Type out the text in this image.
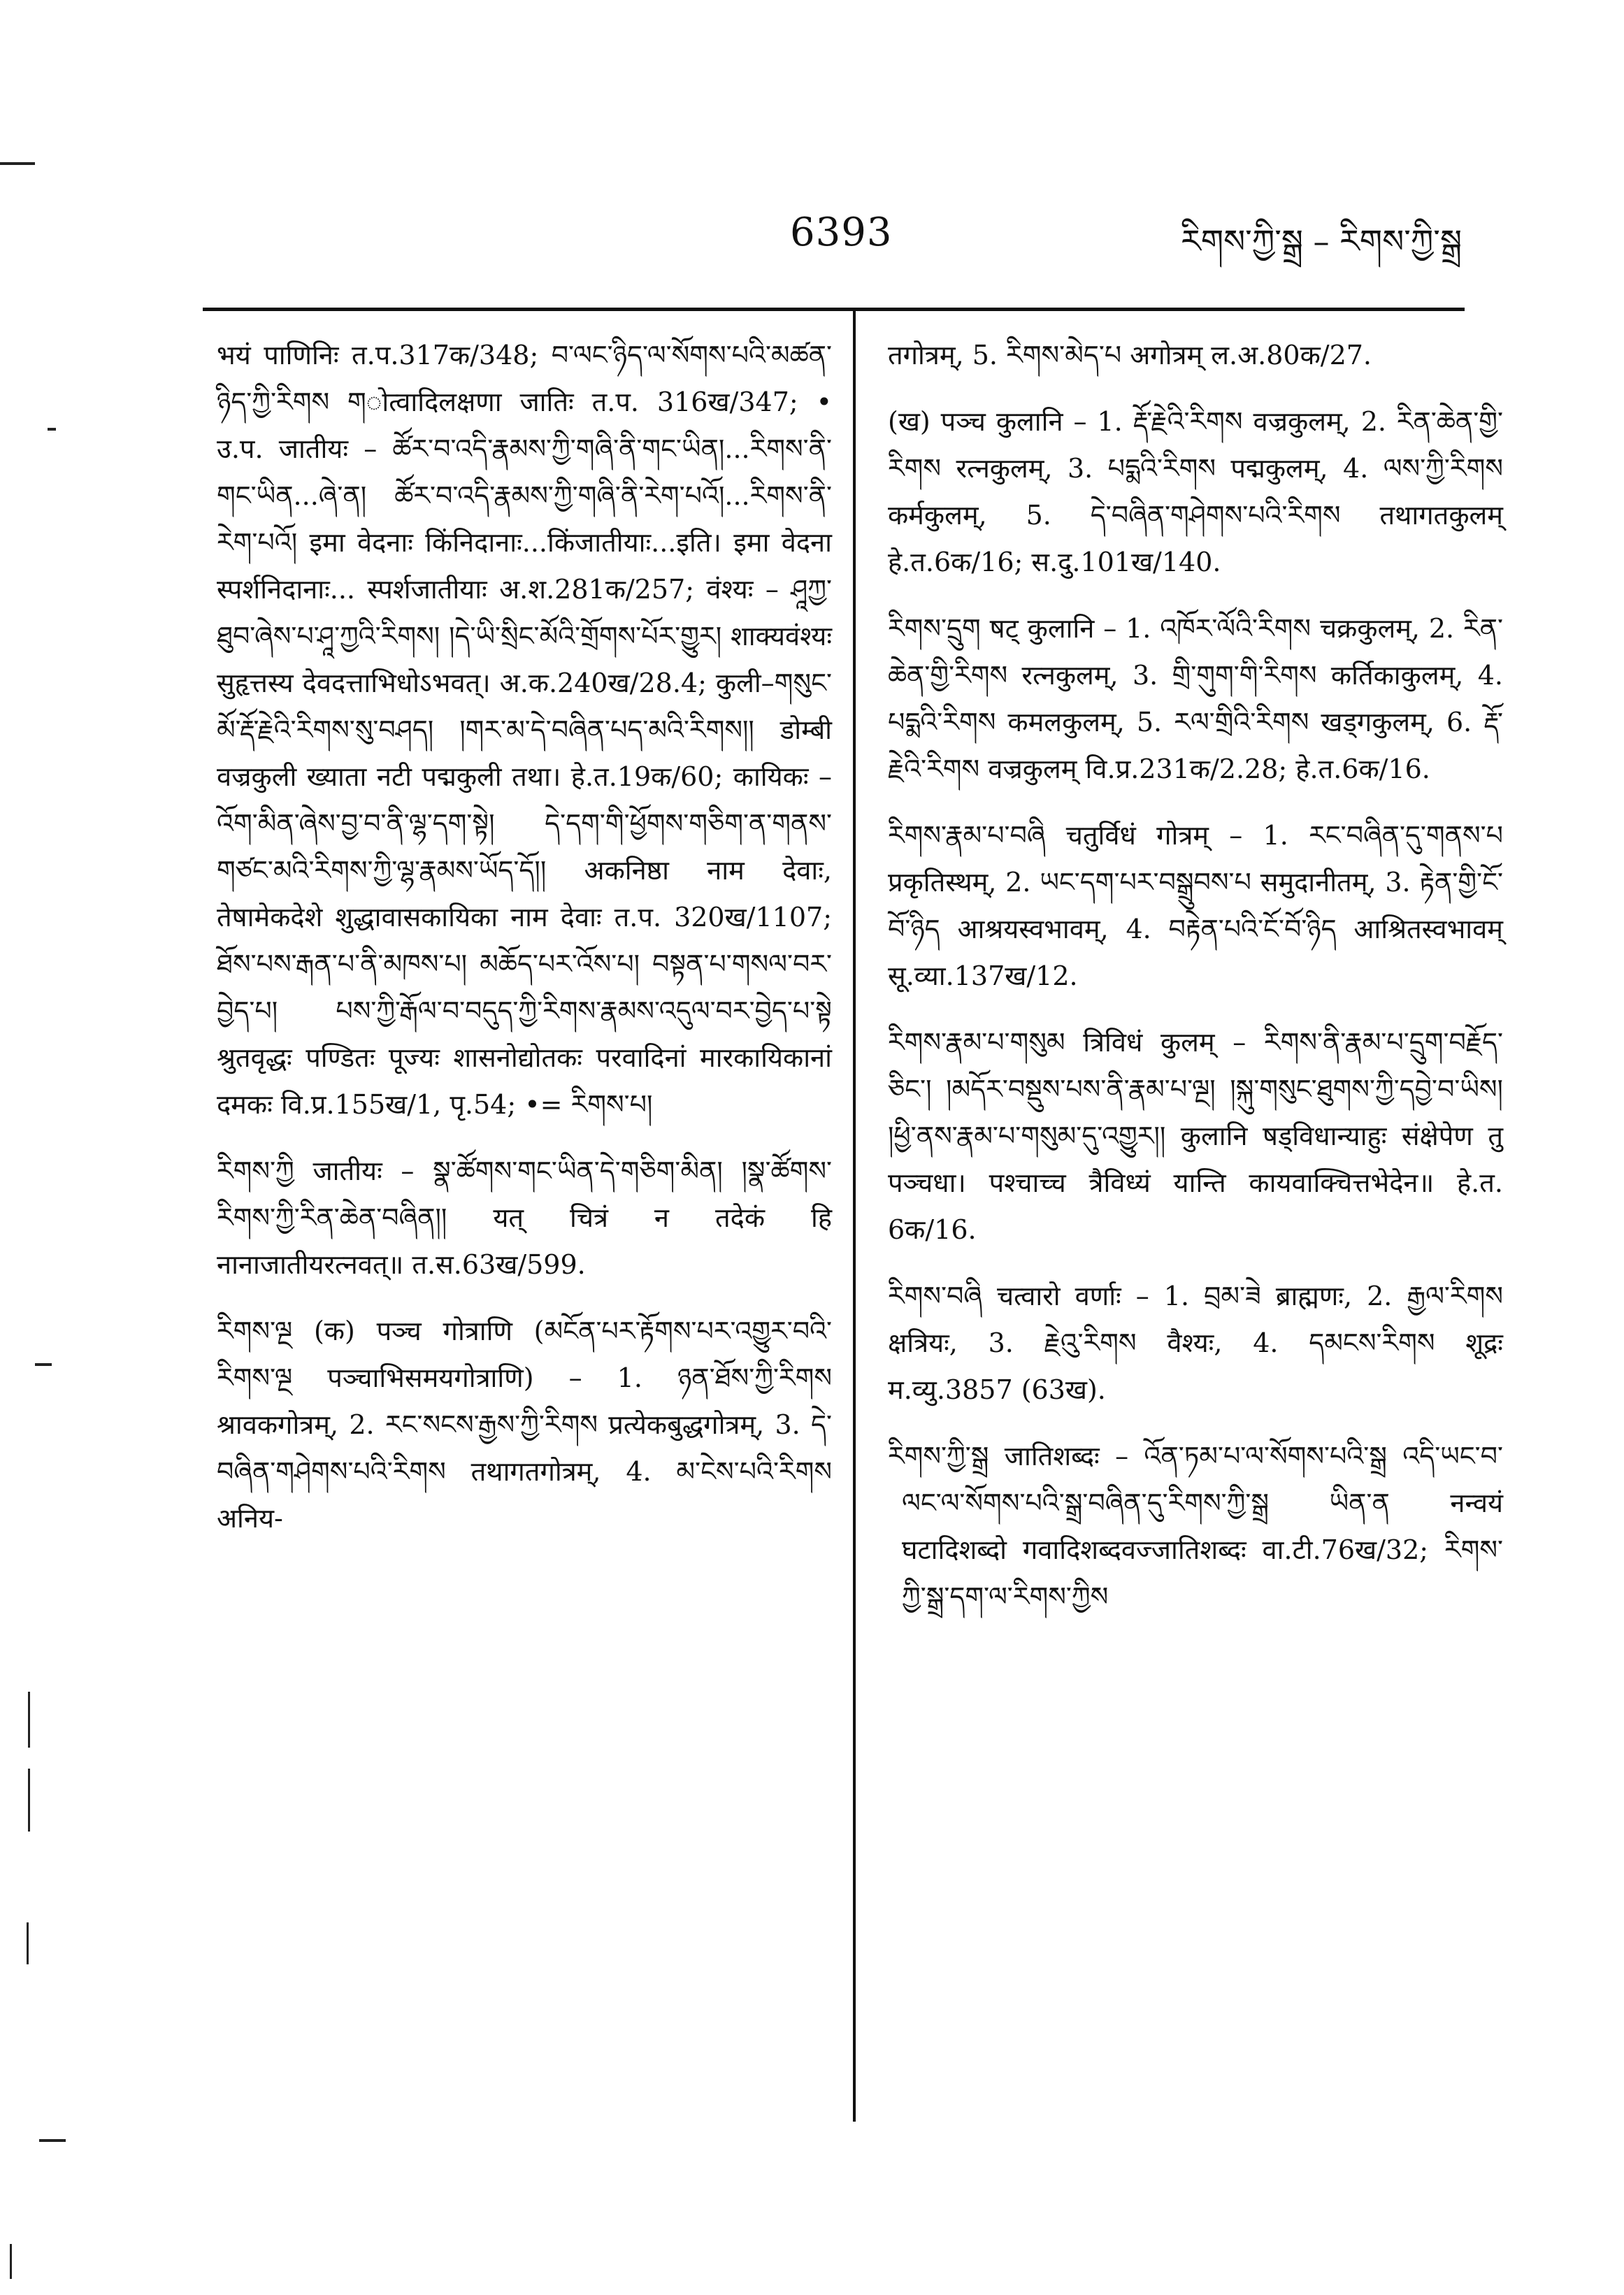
6393	རིགས་ཀྱི་སྒྲ – རིགས་ཀྱི་སྒྲ

भयं पाणिनिः त.प.317क/348; བ་ལང་ཉིད་ལ་སོགས་པའི་མཚན་ཉིད་ཀྱི་རིགས གोत्वादिलक्षणा जातिः त.प. 316ख/347; • उ.प. जातीयः – ཚོར་བ་འདི་རྣམས་ཀྱི་གཞི་ནི་གང་ཡིན།...རིགས་ནི་གང་ཡིན...ཞེ་ན། ཚོར་བ་འདི་རྣམས་ཀྱི་གཞི་ནི་རེག་པའོ།...རིགས་ནི་རེག་པའོ། इमा वेदनाः किंनिदानाः...किंजातीयाः...इति। इमा वेदना स्पर्शनिदानाः... स्पर्शजातीयाः अ.श.281क/257; वंश्यः – ཤཱཀྱ་ཐུབ་ཞེས་པ་ཤཱ་ཀྱའི་རིགས། །དེ་ཡི་སྲིང་མོའི་གྲོགས་པོར་གྱུར། शाक्यवंश्यः सुहृत्तस्य देवदत्ताभिधोऽभवत्। अ.क.240ख/28.4; कुली–གསུང་མོ་རྡོ་རྗེའི་རིགས་སུ་བཤད། །གར་མ་དེ་བཞིན་པད་མའི་རིགས།། डोम्बी वज्रकुली ख्याता नटी पद्मकुली तथा। हे.त.19क/60; कायिकः – འོག་མིན་ཞེས་བྱ་བ་ནི་ལྷ་དག་སྟེ། དེ་དག་གི་ཕྱོགས་གཅིག་ན་གནས་གཙང་མའི་རིགས་ཀྱི་ལྷ་རྣམས་ཡོད་དོ།། अकनिष्ठा नाम देवाः, तेषामेकदेशे शुद्धावासकायिका नाम देवाः त.प. 320ख/1107; ཐོས་པས་རྒན་པ་ནི་མཁས་པ། མཆོད་པར་འོས་པ། བསྟན་པ་གསལ་བར་བྱེད་པ། པས་ཀྱི་རྒོལ་བ་བདུད་ཀྱི་རིགས་རྣམས་འདུལ་བར་བྱེད་པ་སྟེ श्रुतवृद्धः पण्डितः पूज्यः शासनोद्योतकः परवादिनां मारकायिकानां दमकः वि.प्र.155ख/1, पृ.54; •= རིགས་པ།

རིགས་ཀྱི जातीयः – སྣ་ཚོགས་གང་ཡིན་དེ་གཅིག་མིན། །སྣ་ཚོགས་རིགས་ཀྱི་རིན་ཆེན་བཞིན།། यत् चित्रं न तदेकं हि नानाजातीयरत्नवत्॥ त.स.63ख/599.

རིགས་ལྔ (क) पञ्च गोत्राणि (མངོན་པར་རྟོགས་པར་འགྱུར་བའི་རིགས་ལྔ पञ्चाभिसमयगोत्राणि) – 1. ཉན་ཐོས་ཀྱི་རིགས श्रावकगोत्रम्, 2. རང་སངས་རྒྱས་ཀྱི་རིགས प्रत्येकबुद्धगोत्रम्, 3. དེ་བཞིན་གཤེགས་པའི་རིགས तथागतगोत्रम्, 4. མ་ངེས་པའི་རིགས अनिय-

तगोत्रम्, 5. རིགས་མེད་པ अगोत्रम् ल.अ.80क/27.

(ख) पञ्च कुलानि – 1. རྡོ་རྗེའི་རིགས वज्रकुलम्, 2. རིན་ཆེན་གྱི་རིགས रत्नकुलम्, 3. པདྨའི་རིགས पद्मकुलम्, 4. ལས་ཀྱི་རིགས कर्मकुलम्, 5. དེ་བཞིན་གཤེགས་པའི་རིགས तथागतकुलम् हे.त.6क/16; स.दु.101ख/140.

རིགས་དྲུག षट् कुलानि – 1. འཁོར་ལོའི་རིགས चक्रकुलम्, 2. རིན་ཆེན་གྱི་རིགས रत्नकुलम्, 3. གྲི་གུག་གི་རིགས कर्तिकाकुलम्, 4. པདྨའི་རིགས कमलकुलम्, 5. རལ་གྲིའི་རིགས खड्गकुलम्, 6. རྡོ་རྗེའི་རིགས वज्रकुलम् वि.प्र.231क/2.28; हे.त.6क/16.

རིགས་རྣམ་པ་བཞི चतुर्विधं गोत्रम् – 1. རང་བཞིན་དུ་གནས་པ प्रकृतिस्थम्, 2. ཡང་དག་པར་བསྒྲུབས་པ समुदानीतम्, 3. རྟེན་གྱི་ངོ་བོ་ཉིད आश्रयस्वभावम्, 4. བརྟེན་པའི་ངོ་བོ་ཉིད आश्रितस्वभावम् सू.व्या.137ख/12.

རིགས་རྣམ་པ་གསུམ त्रिविधं कुलम् – རིགས་ནི་རྣམ་པ་དྲུག་བརྗོད་ཅིང་། །མདོར་བསྡུས་པས་ནི་རྣམ་པ་ལྔ། །སྐུ་གསུང་ཐུགས་ཀྱི་དབྱེ་བ་ཡིས། །ཕྱི་ནས་རྣམ་པ་གསུམ་དུ་འགྱུར།། कुलानि षड्विधान्याहुः संक्षेपेण तु पञ्चधा। पश्चाच्च त्रैविध्यं यान्ति कायवाक्चित्तभेदेन॥ हे.त. 6क/16.

རིགས་བཞི चत्वारो वर्णाः – 1. བྲམ་ཟེ ब्राह्मणः, 2. རྒྱལ་རིགས क्षत्रियः, 3. རྗེའུ་རིགས वैश्यः, 4. དམངས་རིགས शूद्रः म.व्यु.3857 (63ख).

རིགས་ཀྱི་སྒྲ जातिशब्दः – འོན་ཏམ་པ་ལ་སོགས་པའི་སྒྲ འདི་ཡང་བ་ལང་ལ་སོགས་པའི་སྒྲ་བཞིན་དུ་རིགས་ཀྱི་སྒྲ ཡིན་ན नन्वयं घटादिशब्दो गवादिशब्दवज्जातिशब्दः वा.टी.76ख/32; རིགས་ཀྱི་སྒྲ་དག་ལ་རིགས་ཀྱིས
